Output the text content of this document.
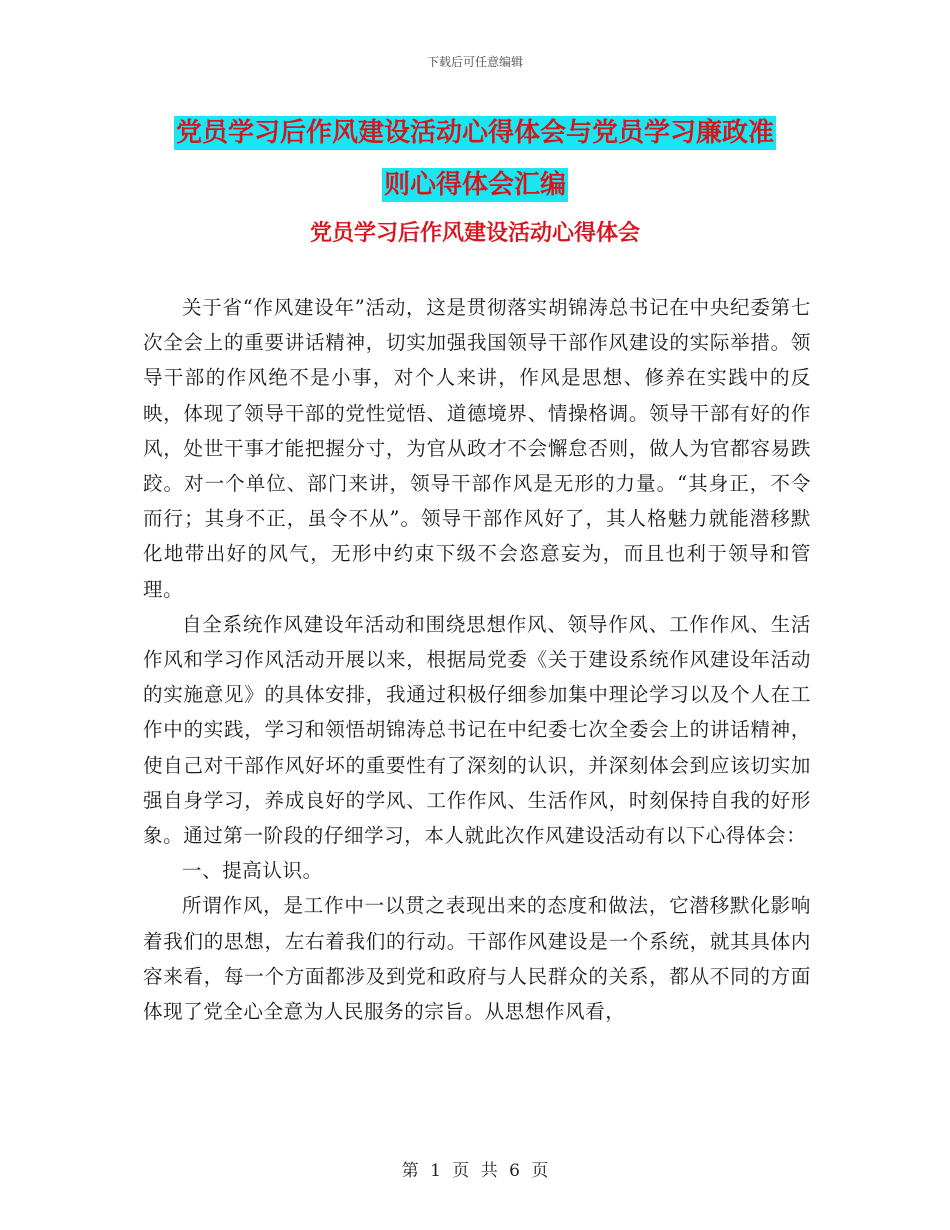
下载后可任意编辑
党员学习后作风建设活动心得体会与党员学习廉政准
则心得体会汇编
党员学习后作风建设活动心得体会

关于省“作风建设年”活动，这是贯彻落实胡锦涛总书记在中央纪委第七次全会上的重要讲话精神，切实加强我国领导干部作风建设的实际举措。领导干部的作风绝不是小事，对个人来讲，作风是思想、修养在实践中的反映，体现了领导干部的党性觉悟、道德境界、情操格调。领导干部有好的作风，处世干事才能把握分寸，为官从政才不会懈怠否则，做人为官都容易跌跤。对一个单位、部门来讲，领导干部作风是无形的力量。“其身正，不令而行；其身不正，虽令不从”。领导干部作风好了，其人格魅力就能潜移默化地带出好的风气，无形中约束下级不会恣意妄为，而且也利于领导和管理。

自全系统作风建设年活动和围绕思想作风、领导作风、工作作风、生活作风和学习作风活动开展以来，根据局党委《关于建设系统作风建设年活动的实施意见》的具体安排，我通过积极仔细参加集中理论学习以及个人在工作中的实践，学习和领悟胡锦涛总书记在中纪委七次全委会上的讲话精神，使自己对干部作风好坏的重要性有了深刻的认识，并深刻体会到应该切实加强自身学习，养成良好的学风、工作作风、生活作风，时刻保持自我的好形象。通过第一阶段的仔细学习，本人就此次作风建设活动有以下心得体会：

一、提高认识。

所谓作风，是工作中一以贯之表现出来的态度和做法，它潜移默化影响着我们的思想，左右着我们的行动。干部作风建设是一个系统，就其具体内容来看，每一个方面都涉及到党和政府与人民群众的关系，都从不同的方面体现了党全心全意为人民服务的宗旨。从思想作风看，

第 1 页 共 6 页
